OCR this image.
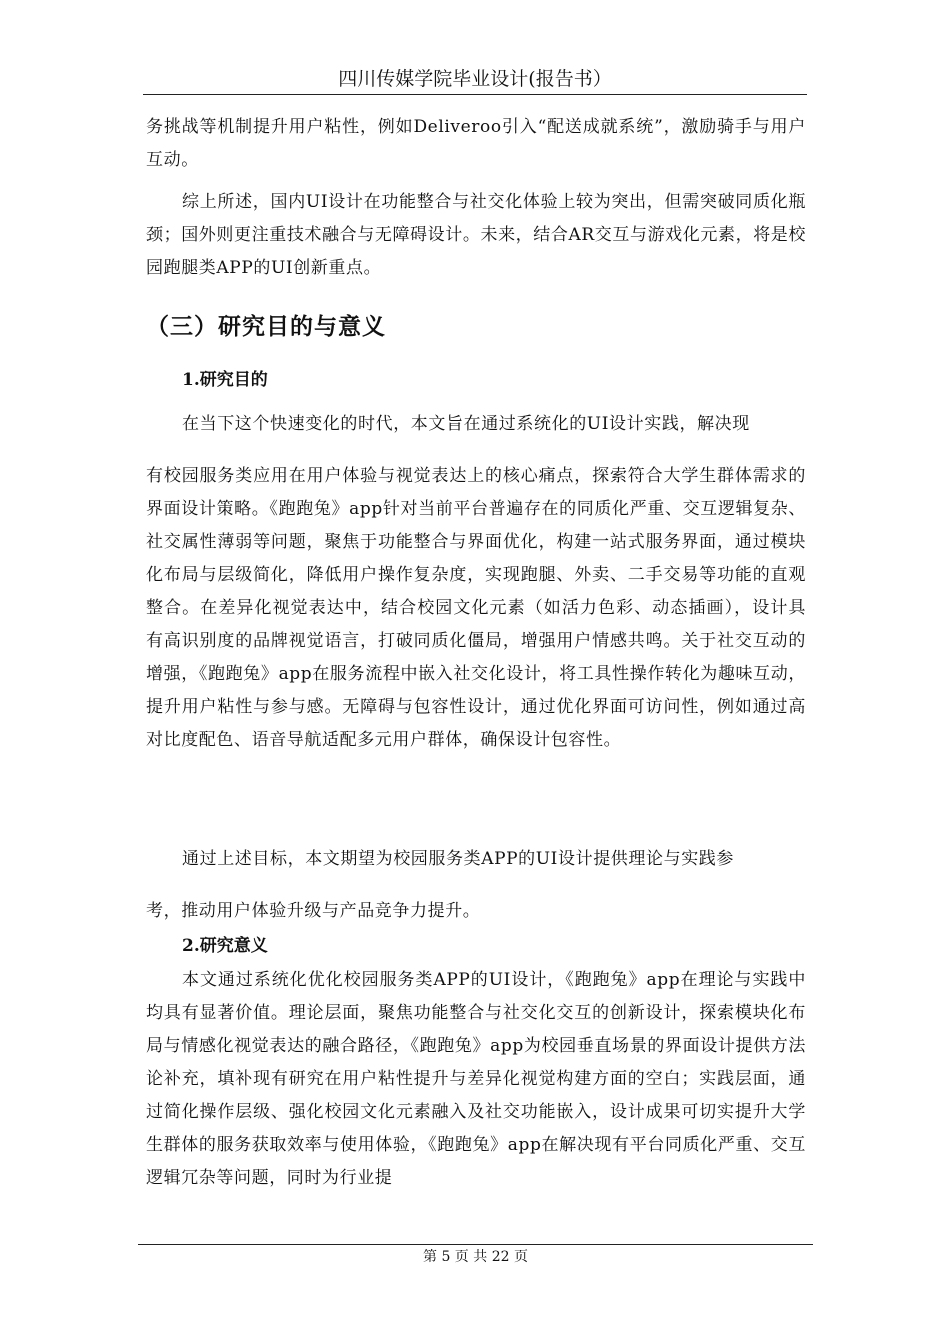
四川传媒学院毕业设计(报告书）

务挑战等机制提升用户粘性，例如Deliveroo引入“配送成就系统”，激励骑手与用户互动。

综上所述，国内UI设计在功能整合与社交化体验上较为突出，但需突破同质化瓶颈；国外则更注重技术融合与无障碍设计。未来，结合AR交互与游戏化元素，将是校园跑腿类APP的UI创新重点。

（三）研究目的与意义
1.研究目的

在当下这个快速变化的时代，本文旨在通过系统化的UI设计实践，解决现

有校园服务类应用在用户体验与视觉表达上的核心痛点，探索符合大学生群体需求的界面设计策略。《跑跑兔》app针对当前平台普遍存在的同质化严重、交互逻辑复杂、社交属性薄弱等问题，聚焦于功能整合与界面优化，构建一站式服务界面，通过模块化布局与层级简化，降低用户操作复杂度，实现跑腿、外卖、二手交易等功能的直观整合。在差异化视觉表达中，结合校园文化元素（如活力色彩、动态插画），设计具有高识别度的品牌视觉语言，打破同质化僵局，增强用户情感共鸣。关于社交互动的增强，《跑跑兔》app在服务流程中嵌入社交化设计，将工具性操作转化为趣味互动，提升用户粘性与参与感。无障碍与包容性设计，通过优化界面可访问性，例如通过高对比度配色、语音导航适配多元用户群体，确保设计包容性。

通过上述目标，本文期望为校园服务类APP的UI设计提供理论与实践参

考，推动用户体验升级与产品竞争力提升。

2.研究意义

本文通过系统化优化校园服务类APP的UI设计，《跑跑兔》app在理论与实践中均具有显著价值。理论层面，聚焦功能整合与社交化交互的创新设计，探索模块化布局与情感化视觉表达的融合路径，《跑跑兔》app为校园垂直场景的界面设计提供方法论补充，填补现有研究在用户粘性提升与差异化视觉构建方面的空白；实践层面，通过简化操作层级、强化校园文化元素融入及社交功能嵌入，设计成果可切实提升大学生群体的服务获取效率与使用体验，《跑跑兔》app在解决现有平台同质化严重、交互逻辑冗杂等问题，同时为行业提

第 5 页 共 22 页
